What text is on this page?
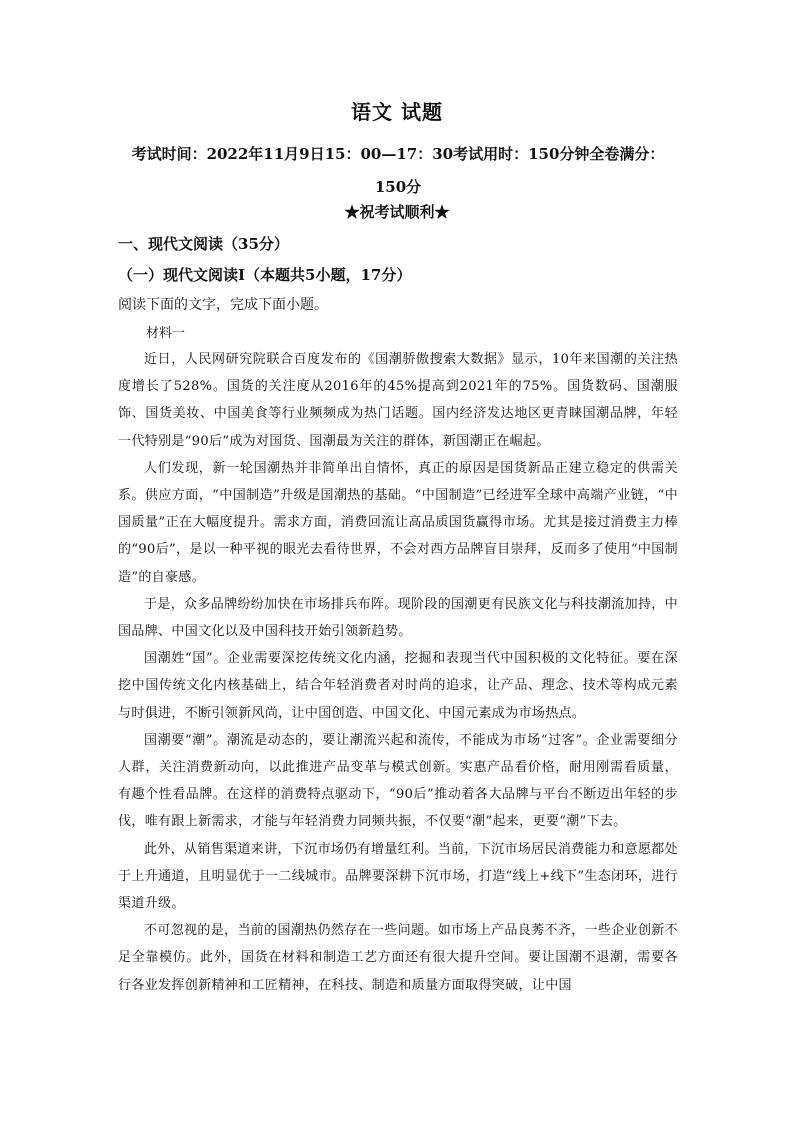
语文 试题
考试时间：2022年11月9日15：00—17：30考试用时：150分钟全卷满分：150分
★祝考试顺利★
一、现代文阅读（35分）
（一）现代文阅读Ⅰ（本题共5小题，17分）
阅读下面的文字，完成下面小题。
材料一

近日，人民网研究院联合百度发布的《国潮骄傲搜索大数据》显示，10年来国潮的关注热度增长了528%。国货的关注度从2016年的45%提高到2021年的75%。国货数码、国潮服饰、国货美妆、中国美食等行业频频成为热门话题。国内经济发达地区更青睐国潮品牌，年轻一代特别是“90后”成为对国货、国潮最为关注的群体，新国潮正在崛起。

人们发现，新一轮国潮热并非简单出自情怀，真正的原因是国货新品正建立稳定的供需关系。供应方面，“中国制造”升级是国潮热的基础。“中国制造”已经进军全球中高端产业链，“中国质量”正在大幅度提升。需求方面，消费回流让高品质国货赢得市场。尤其是接过消费主力棒的“90后”，是以一种平视的眼光去看待世界，不会对西方品牌盲目崇拜，反而多了使用“中国制造”的自豪感。

于是，众多品牌纷纷加快在市场排兵布阵。现阶段的国潮更有民族文化与科技潮流加持，中国品牌、中国文化以及中国科技开始引领新趋势。

国潮姓“国”。企业需要深挖传统文化内涵，挖掘和表现当代中国积极的文化特征。要在深挖中国传统文化内核基础上，结合年轻消费者对时尚的追求，让产品、理念、技术等构成元素与时俱进，不断引领新风尚，让中国创造、中国文化、中国元素成为市场热点。

国潮要“潮”。潮流是动态的，要让潮流兴起和流传，不能成为市场“过客”。企业需要细分人群，关注消费新动向，以此推进产品变革与模式创新。实惠产品看价格，耐用刚需看质量，有趣个性看品牌。在这样的消费特点驱动下，“90后”推动着各大品牌与平台不断迈出年轻的步伐，唯有跟上新需求，才能与年轻消费力同频共振，不仅要“潮”起来，更要“潮”下去。

此外，从销售渠道来讲，下沉市场仍有增量红利。当前，下沉市场居民消费能力和意愿都处于上升通道，且明显优于一二线城市。品牌要深耕下沉市场，打造“线上+线下”生态闭环，进行渠道升级。

不可忽视的是，当前的国潮热仍然存在一些问题。如市场上产品良莠不齐，一些企业创新不足全靠模仿。此外，国货在材料和制造工艺方面还有很大提升空间。要让国潮不退潮，需要各行各业发挥创新精神和工匠精神，在科技、制造和质量方面取得突破，让中国
